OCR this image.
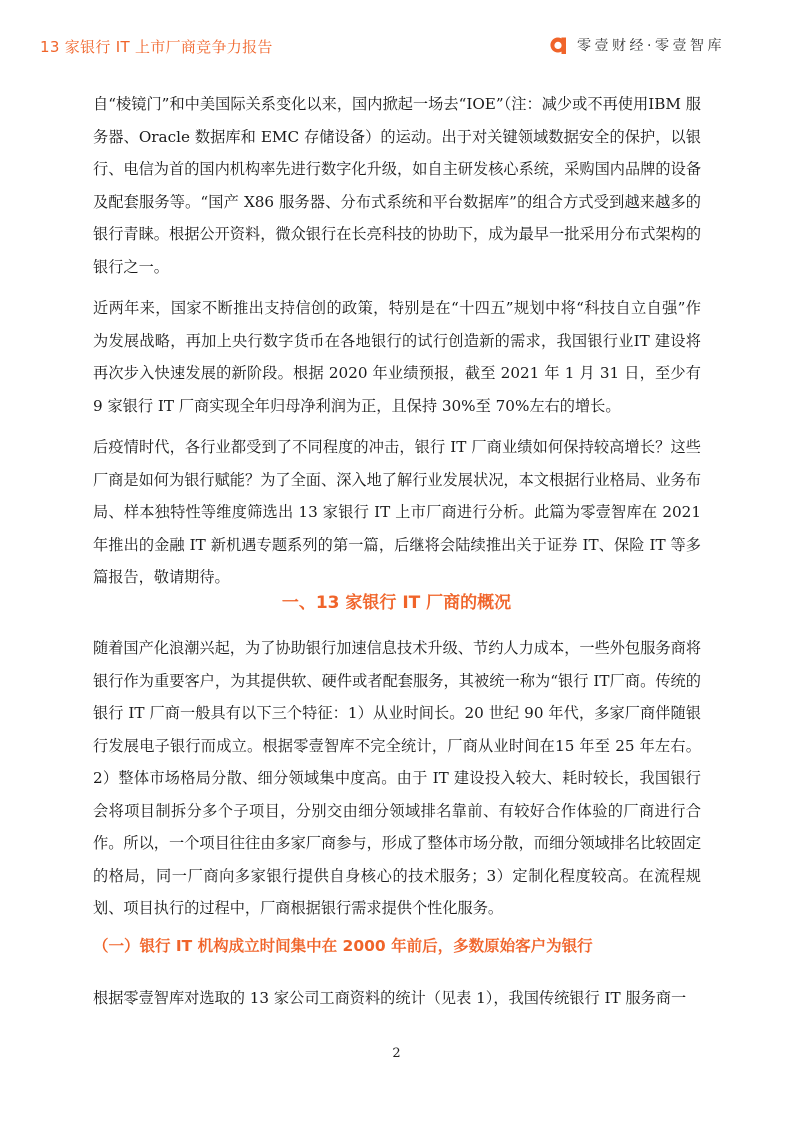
13 家银行 IT 上市厂商竞争力报告	零壹财经·零壹智库

自“棱镜门”和中美国际关系变化以来，国内掀起一场去“IOE”（注：减少或不再使用IBM 服务器、Oracle 数据库和 EMC 存储设备）的运动。出于对关键领域数据安全的保护，以银行、电信为首的国内机构率先进行数字化升级，如自主研发核心系统，采购国内品牌的设备及配套服务等。“国产 X86 服务器、分布式系统和平台数据库”的组合方式受到越来越多的银行青睐。根据公开资料，微众银行在长亮科技的协助下，成为最早一批采用分布式架构的银行之一。

近两年来，国家不断推出支持信创的政策，特别是在“十四五”规划中将“科技自立自强”作为发展战略，再加上央行数字货币在各地银行的试行创造新的需求，我国银行业IT 建设将再次步入快速发展的新阶段。根据 2020 年业绩预报，截至 2021 年 1 月 31 日，至少有 9 家银行 IT 厂商实现全年归母净利润为正，且保持 30%至 70%左右的增长。

后疫情时代，各行业都受到了不同程度的冲击，银行 IT 厂商业绩如何保持较高增长？这些厂商是如何为银行赋能？为了全面、深入地了解行业发展状况，本文根据行业格局、业务布局、样本独特性等维度筛选出 13 家银行 IT 上市厂商进行分析。此篇为零壹智库在 2021 年推出的金融 IT 新机遇专题系列的第一篇，后继将会陆续推出关于证券 IT、保险 IT 等多篇报告，敬请期待。

一、13 家银行 IT 厂商的概况

随着国产化浪潮兴起，为了协助银行加速信息技术升级、节约人力成本，一些外包服务商将银行作为重要客户，为其提供软、硬件或者配套服务，其被统一称为“银行 IT厂商。传统的银行 IT 厂商一般具有以下三个特征：1）从业时间长。20 世纪 90 年代，多家厂商伴随银行发展电子银行而成立。根据零壹智库不完全统计，厂商从业时间在15 年至 25 年左右。2）整体市场格局分散、细分领域集中度高。由于 IT 建设投入较大、耗时较长，我国银行会将项目制拆分多个子项目，分别交由细分领域排名靠前、有较好合作体验的厂商进行合作。所以，一个项目往往由多家厂商参与，形成了整体市场分散，而细分领域排名比较固定的格局，同一厂商向多家银行提供自身核心的技术服务；3）定制化程度较高。在流程规划、项目执行的过程中，厂商根据银行需求提供个性化服务。

（一）银行 IT 机构成立时间集中在 2000 年前后，多数原始客户为银行

根据零壹智库对选取的 13 家公司工商资料的统计（见表 1），我国传统银行 IT 服务商一

2
